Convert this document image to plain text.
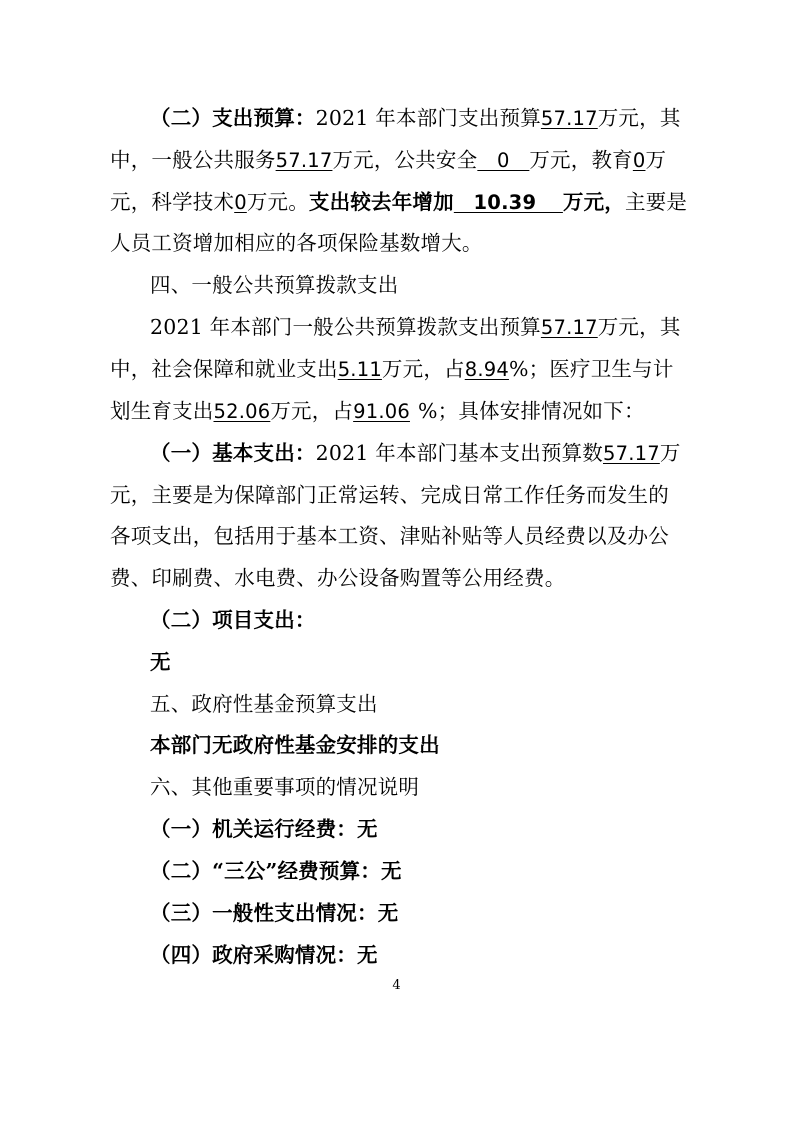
（二）支出预算：2021 年本部门支出预算57.17万元，其
中，一般公共服务57.17万元，公共安全　0　万元，教育0万
元，科学技术0万元。支出较去年增加　10.39　 万元，主要是
人员工资增加相应的各项保险基数增大。
四、一般公共预算拨款支出
2021 年本部门一般公共预算拨款支出预算57.17万元，其
中，社会保障和就业支出5.11万元，占8.94%；医疗卫生与计
划生育支出52.06万元，占91.06 %；具体安排情况如下：
（一）基本支出：2021 年本部门基本支出预算数57.17万
元，主要是为保障部门正常运转、完成日常工作任务而发生的
各项支出，包括用于基本工资、津贴补贴等人员经费以及办公
费、印刷费、水电费、办公设备购置等公用经费。
（二）项目支出：
无
五、政府性基金预算支出
本部门无政府性基金安排的支出
六、其他重要事项的情况说明
（一）机关运行经费：无
（二）“三公”经费预算：无
（三）一般性支出情况：无
（四）政府采购情况：无
4
